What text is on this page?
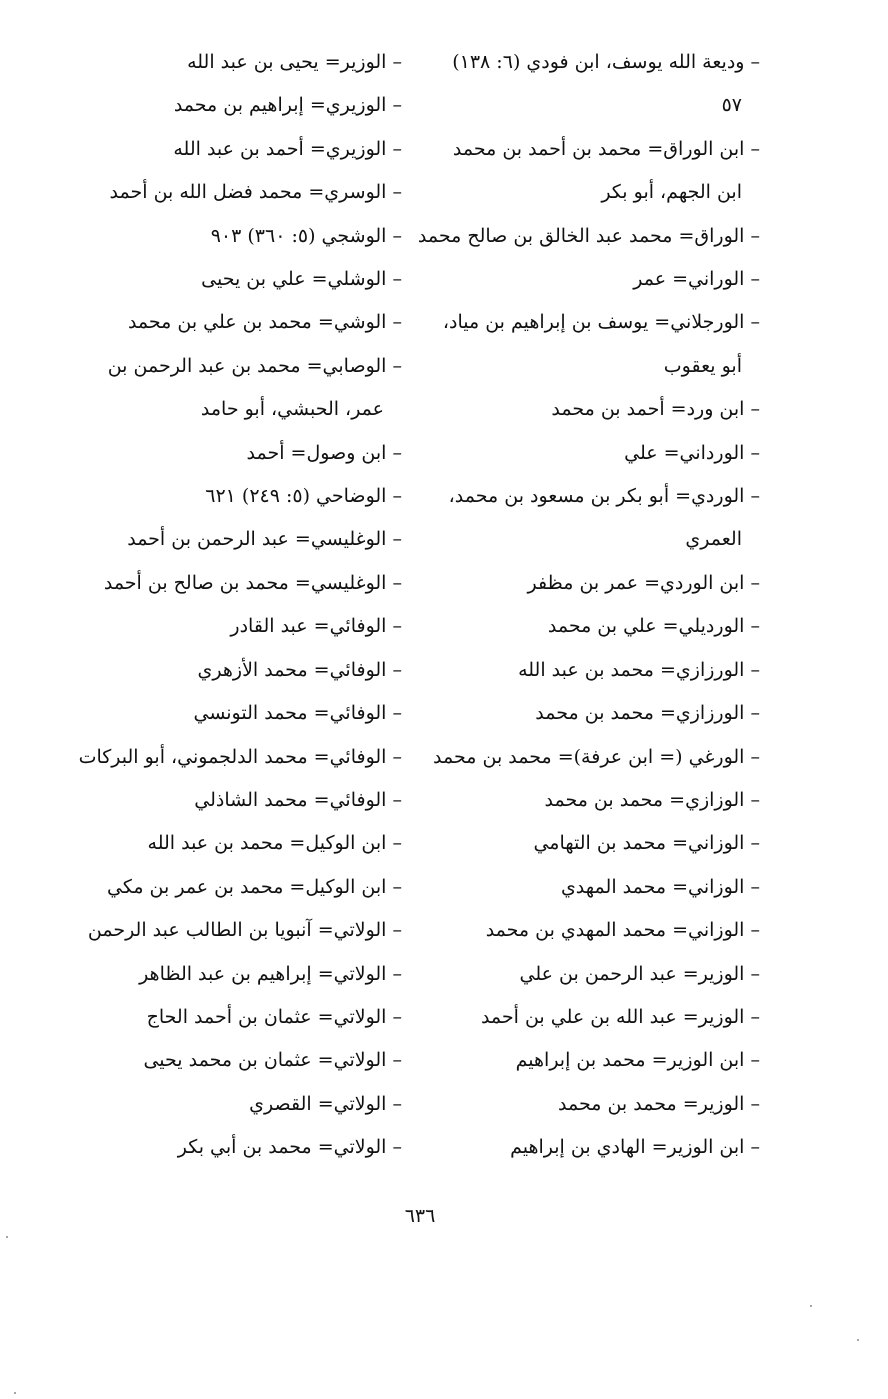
– وديعة الله يوسف، ابن فودي (٦: ١٣٨)
٥٧
– ابن الوراق= محمد بن أحمد بن محمد
ابن الجهم، أبو بكر
– الوراق= محمد عبد الخالق بن صالح محمد
– الوراني= عمر
– الورجلاني= يوسف بن إبراهيم بن مياد،
أبو يعقوب
– ابن ورد= أحمد بن محمد
– الورداني= علي
– الوردي= أبو بكر بن مسعود بن محمد،
العمري
– ابن الوردي= عمر بن مظفر
– الورديلي= علي بن محمد
– الورزازي= محمد بن عبد الله
– الورزازي= محمد بن محمد
– الورغي (= ابن عرفة)= محمد بن محمد
– الوزازي= محمد بن محمد
– الوزاني= محمد بن التهامي
– الوزاني= محمد المهدي
– الوزاني= محمد المهدي بن محمد
– الوزير= عبد الرحمن بن علي
– الوزير= عبد الله بن علي بن أحمد
– ابن الوزير= محمد بن إبراهيم
– الوزير= محمد بن محمد
– ابن الوزير= الهادي بن إبراهيم
– الوزير= يحيى بن عبد الله
– الوزيري= إبراهيم بن محمد
– الوزيري= أحمد بن عبد الله
– الوسري= محمد فضل الله بن أحمد
– الوشجي (٥: ٣٦٠) ٩٠٣
– الوشلي= علي بن يحيى
– الوشي= محمد بن علي بن محمد
– الوصابي= محمد بن عبد الرحمن بن
عمر، الحبشي، أبو حامد
– ابن وصول= أحمد
– الوضاحي (٥: ٢٤٩) ٦٢١
– الوغليسي= عبد الرحمن بن أحمد
– الوغليسي= محمد بن صالح بن أحمد
– الوفائي= عبد القادر
– الوفائي= محمد الأزهري
– الوفائي= محمد التونسي
– الوفائي= محمد الدلجموني، أبو البركات
– الوفائي= محمد الشاذلي
– ابن الوكيل= محمد بن عبد الله
– ابن الوكيل= محمد بن عمر بن مكي
– الولاتي= آنبويا بن الطالب عبد الرحمن
– الولاتي= إبراهيم بن عبد الظاهر
– الولاتي= عثمان بن أحمد الحاج
– الولاتي= عثمان بن محمد يحيى
– الولاتي= القصري
– الولاتي= محمد بن أبي بكر
٦٣٦
